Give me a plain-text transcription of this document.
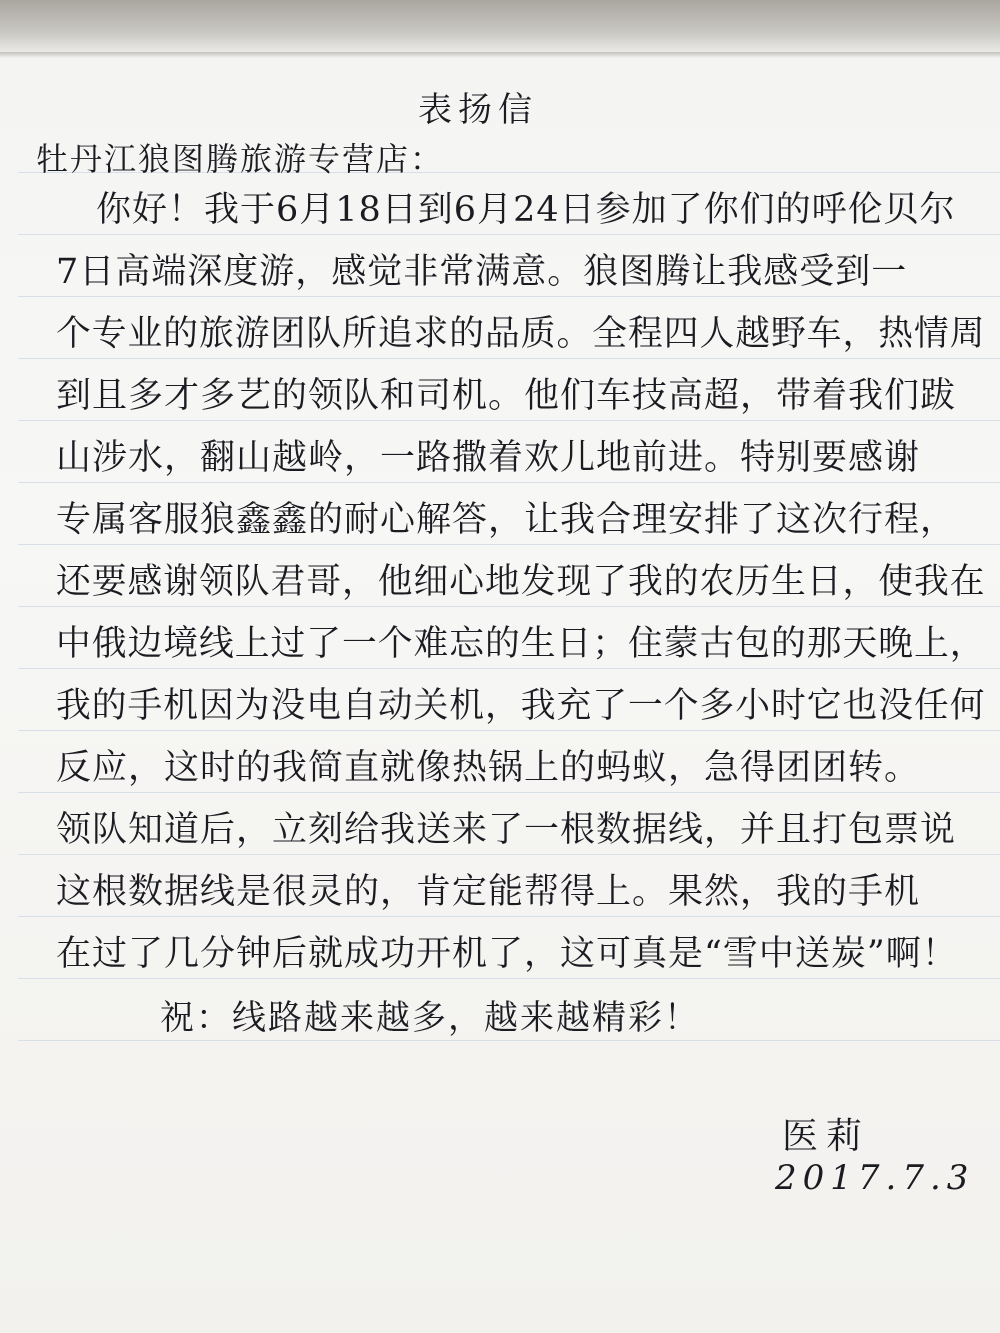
表扬信
牡丹江狼图腾旅游专营店：
你好！我于6月18日到6月24日参加了你们的呼伦贝尔
7日高端深度游，感觉非常满意。狼图腾让我感受到一
个专业的旅游团队所追求的品质。全程四人越野车，热情周
到且多才多艺的领队和司机。他们车技高超，带着我们跋
山涉水，翻山越岭，一路撒着欢儿地前进。特别要感谢
专属客服狼鑫鑫的耐心解答，让我合理安排了这次行程，
还要感谢领队君哥，他细心地发现了我的农历生日，使我在
中俄边境线上过了一个难忘的生日；住蒙古包的那天晚上，
我的手机因为没电自动关机，我充了一个多小时它也没任何
反应，这时的我简直就像热锅上的蚂蚁，急得团团转。
领队知道后，立刻给我送来了一根数据线，并且打包票说
这根数据线是很灵的，肯定能帮得上。果然，我的手机
在过了几分钟后就成功开机了，这可真是“雪中送炭”啊！
祝：线路越来越多，越来越精彩！
医莉
2017.7.3
